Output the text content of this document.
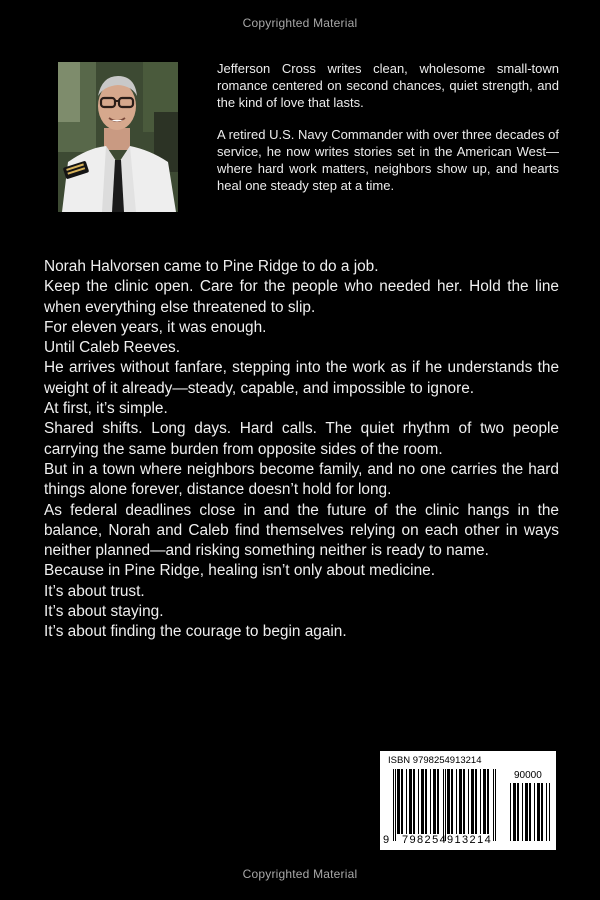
Copyrighted Material

Jefferson Cross writes clean, wholesome small-town romance centered on second chances, quiet strength, and the kind of love that lasts.

A retired U.S. Navy Commander with over three decades of service, he now writes stories set in the American West—where hard work matters, neighbors show up, and hearts heal one steady step at a time.

Norah Halvorsen came to Pine Ridge to do a job.

Keep the clinic open. Care for the people who needed her. Hold the line when everything else threatened to slip.

For eleven years, it was enough.

Until Caleb Reeves.

He arrives without fanfare, stepping into the work as if he understands the weight of it already—steady, capable, and impossible to ignore.

At first, it’s simple.

Shared shifts. Long days. Hard calls. The quiet rhythm of two people carrying the same burden from opposite sides of the room.

But in a town where neighbors become family, and no one carries the hard things alone forever, distance doesn’t hold for long.

As federal deadlines close in and the future of the clinic hangs in the balance, Norah and Caleb find themselves relying on each other in ways neither planned—and risking something neither is ready to name.

Because in Pine Ridge, healing isn’t only about medicine.

It’s about trust.

It’s about staying.

It’s about finding the courage to begin again.

ISBN 9798254913214
90000
9 798254 913214
Copyrighted Material
